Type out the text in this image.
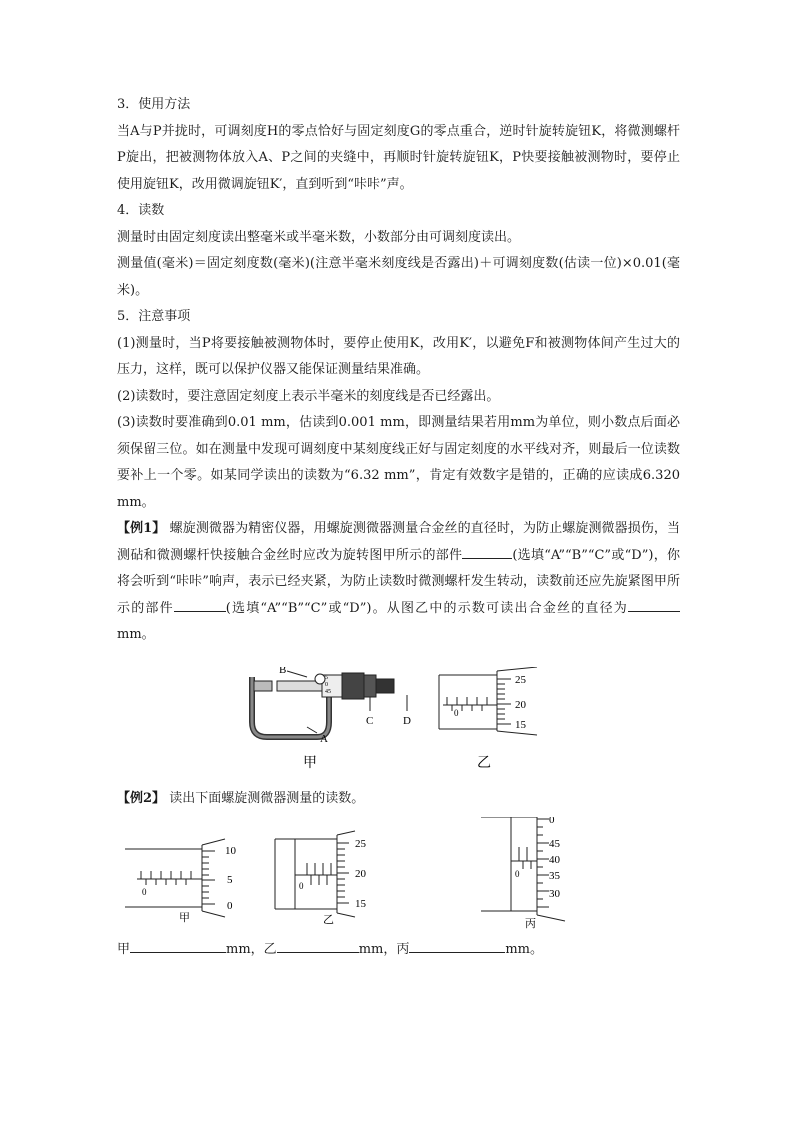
3．使用方法

当A与P并拢时，可调刻度H的零点恰好与固定刻度G的零点重合，逆时针旋转旋钮K，将微测螺杆P旋出，把被测物体放入A、P之间的夹缝中，再顺时针旋转旋钮K，P快要接触被测物时，要停止使用旋钮K，改用微调旋钮K′，直到听到“咔咔”声。

4．读数

测量时由固定刻度读出整毫米或半毫米数，小数部分由可调刻度读出。

测量值(毫米)＝固定刻度数(毫米)(注意半毫米刻度线是否露出)＋可调刻度数(估读一位)×0.01(毫米)。

5．注意事项

(1)测量时，当P将要接触被测物体时，要停止使用K，改用K′，以避免F和被测物体间产生过大的压力，这样，既可以保护仪器又能保证测量结果准确。

(2)读数时，要注意固定刻度上表示半毫米的刻度线是否已经露出。

(3)读数时要准确到0.01 mm，估读到0.001 mm，即测量结果若用mm为单位，则小数点后面必须保留三位。如在测量中发现可调刻度中某刻度线正好与固定刻度的水平线对齐，则最后一位读数要补上一个零。如某同学读出的读数为“6.32 mm”，肯定有效数字是错的，正确的应读成6.320 mm。

【例1】 螺旋测微器为精密仪器，用螺旋测微器测量合金丝的直径时，为防止螺旋测微器损伤，当测砧和微测螺杆快接触合金丝时应改为旋转图甲所示的部件	(选填“A”“B”“C”或“D”)，你将会听到“咔咔”响声，表示已经夹紧，为防止读数时微测螺杆发生转动，读数前还应先旋紧图甲所示的部件	(选填“A”“B”“C”或“D”)。从图乙中的示数可读出合金丝的直径为mm。

B
5
0
45
C	D
A
25
20
15
0
甲	乙

【例2】 读出下面螺旋测微器测量的读数。

10
5
0
0
甲
25
20
15
0
乙
0
45
40
35
30
0
丙
甲	mm，乙	mm，丙	mm。
